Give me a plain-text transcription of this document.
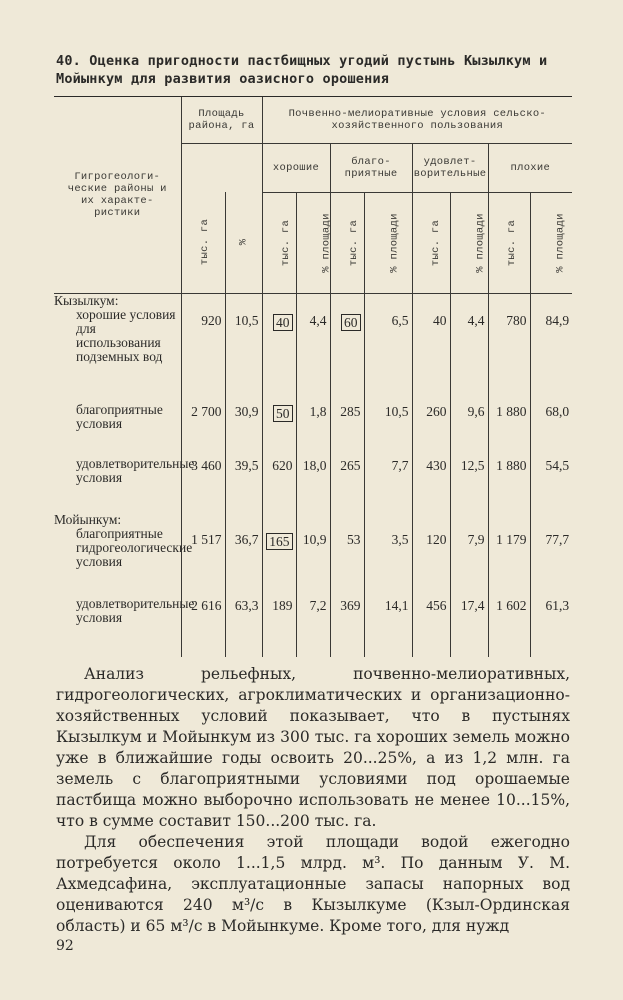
40. Оценка пригодности пастбищных угодий пустынь Кызылкум и Мойынкум для развития оазисного орошения
Гигрогеологи-ческие районы и их характе-ристики	Площадь района, га		Почвенно-мелиоративные условия сельско-хозяйственного пользования							
			хорошие		благо-приятные		удовлет-ворительные		плохие	
	тыс. га	%	тыс. га	% площади	тыс. га	% площади	тыс. га	% площади	тыс. га	% площади

Кызылкум:
хорошие условия для использования подземных вод	920	10,5	40	4,4	60	6,5	40	4,4	780	84,9

благоприятные условия	2 700	30,9	50	1,8	285	10,5	260	9,6	1 880	68,0

удовлетворительные условия	3 460	39,5	620	18,0	265	7,7	430	12,5	1 880	54,5

Мойынкум:
благоприятные гидрогеологические условия	1 517	36,7	165	10,9	53	3,5	120	7,9	1 179	77,7

удовлетворительные условия	2 616	63,3	189	7,2	369	14,1	456	17,4	1 602	61,3

Анализ рельефных, почвенно-мелиоративных, гидрогеологических, агроклиматических и организационно-хозяйственных условий показывает, что в пустынях Кызылкум и Мойынкум из 300 тыс. га хороших земель можно уже в ближайшие годы освоить 20...25%, а из 1,2 млн. га земель с благоприятными условиями под орошаемые пастбища можно выборочно использовать не менее 10...15%, что в сумме составит 150...200 тыс. га.

Для обеспечения этой площади водой ежегодно потребуется около 1...1,5 млрд. м³. По данным У. М. Ахмедсафина, эксплуатационные запасы напорных вод оцениваются 240 м³/с в Кызылкуме (Кзыл-Ординская область) и 65 м³/с в Мойынкуме. Кроме того, для нужд

92
